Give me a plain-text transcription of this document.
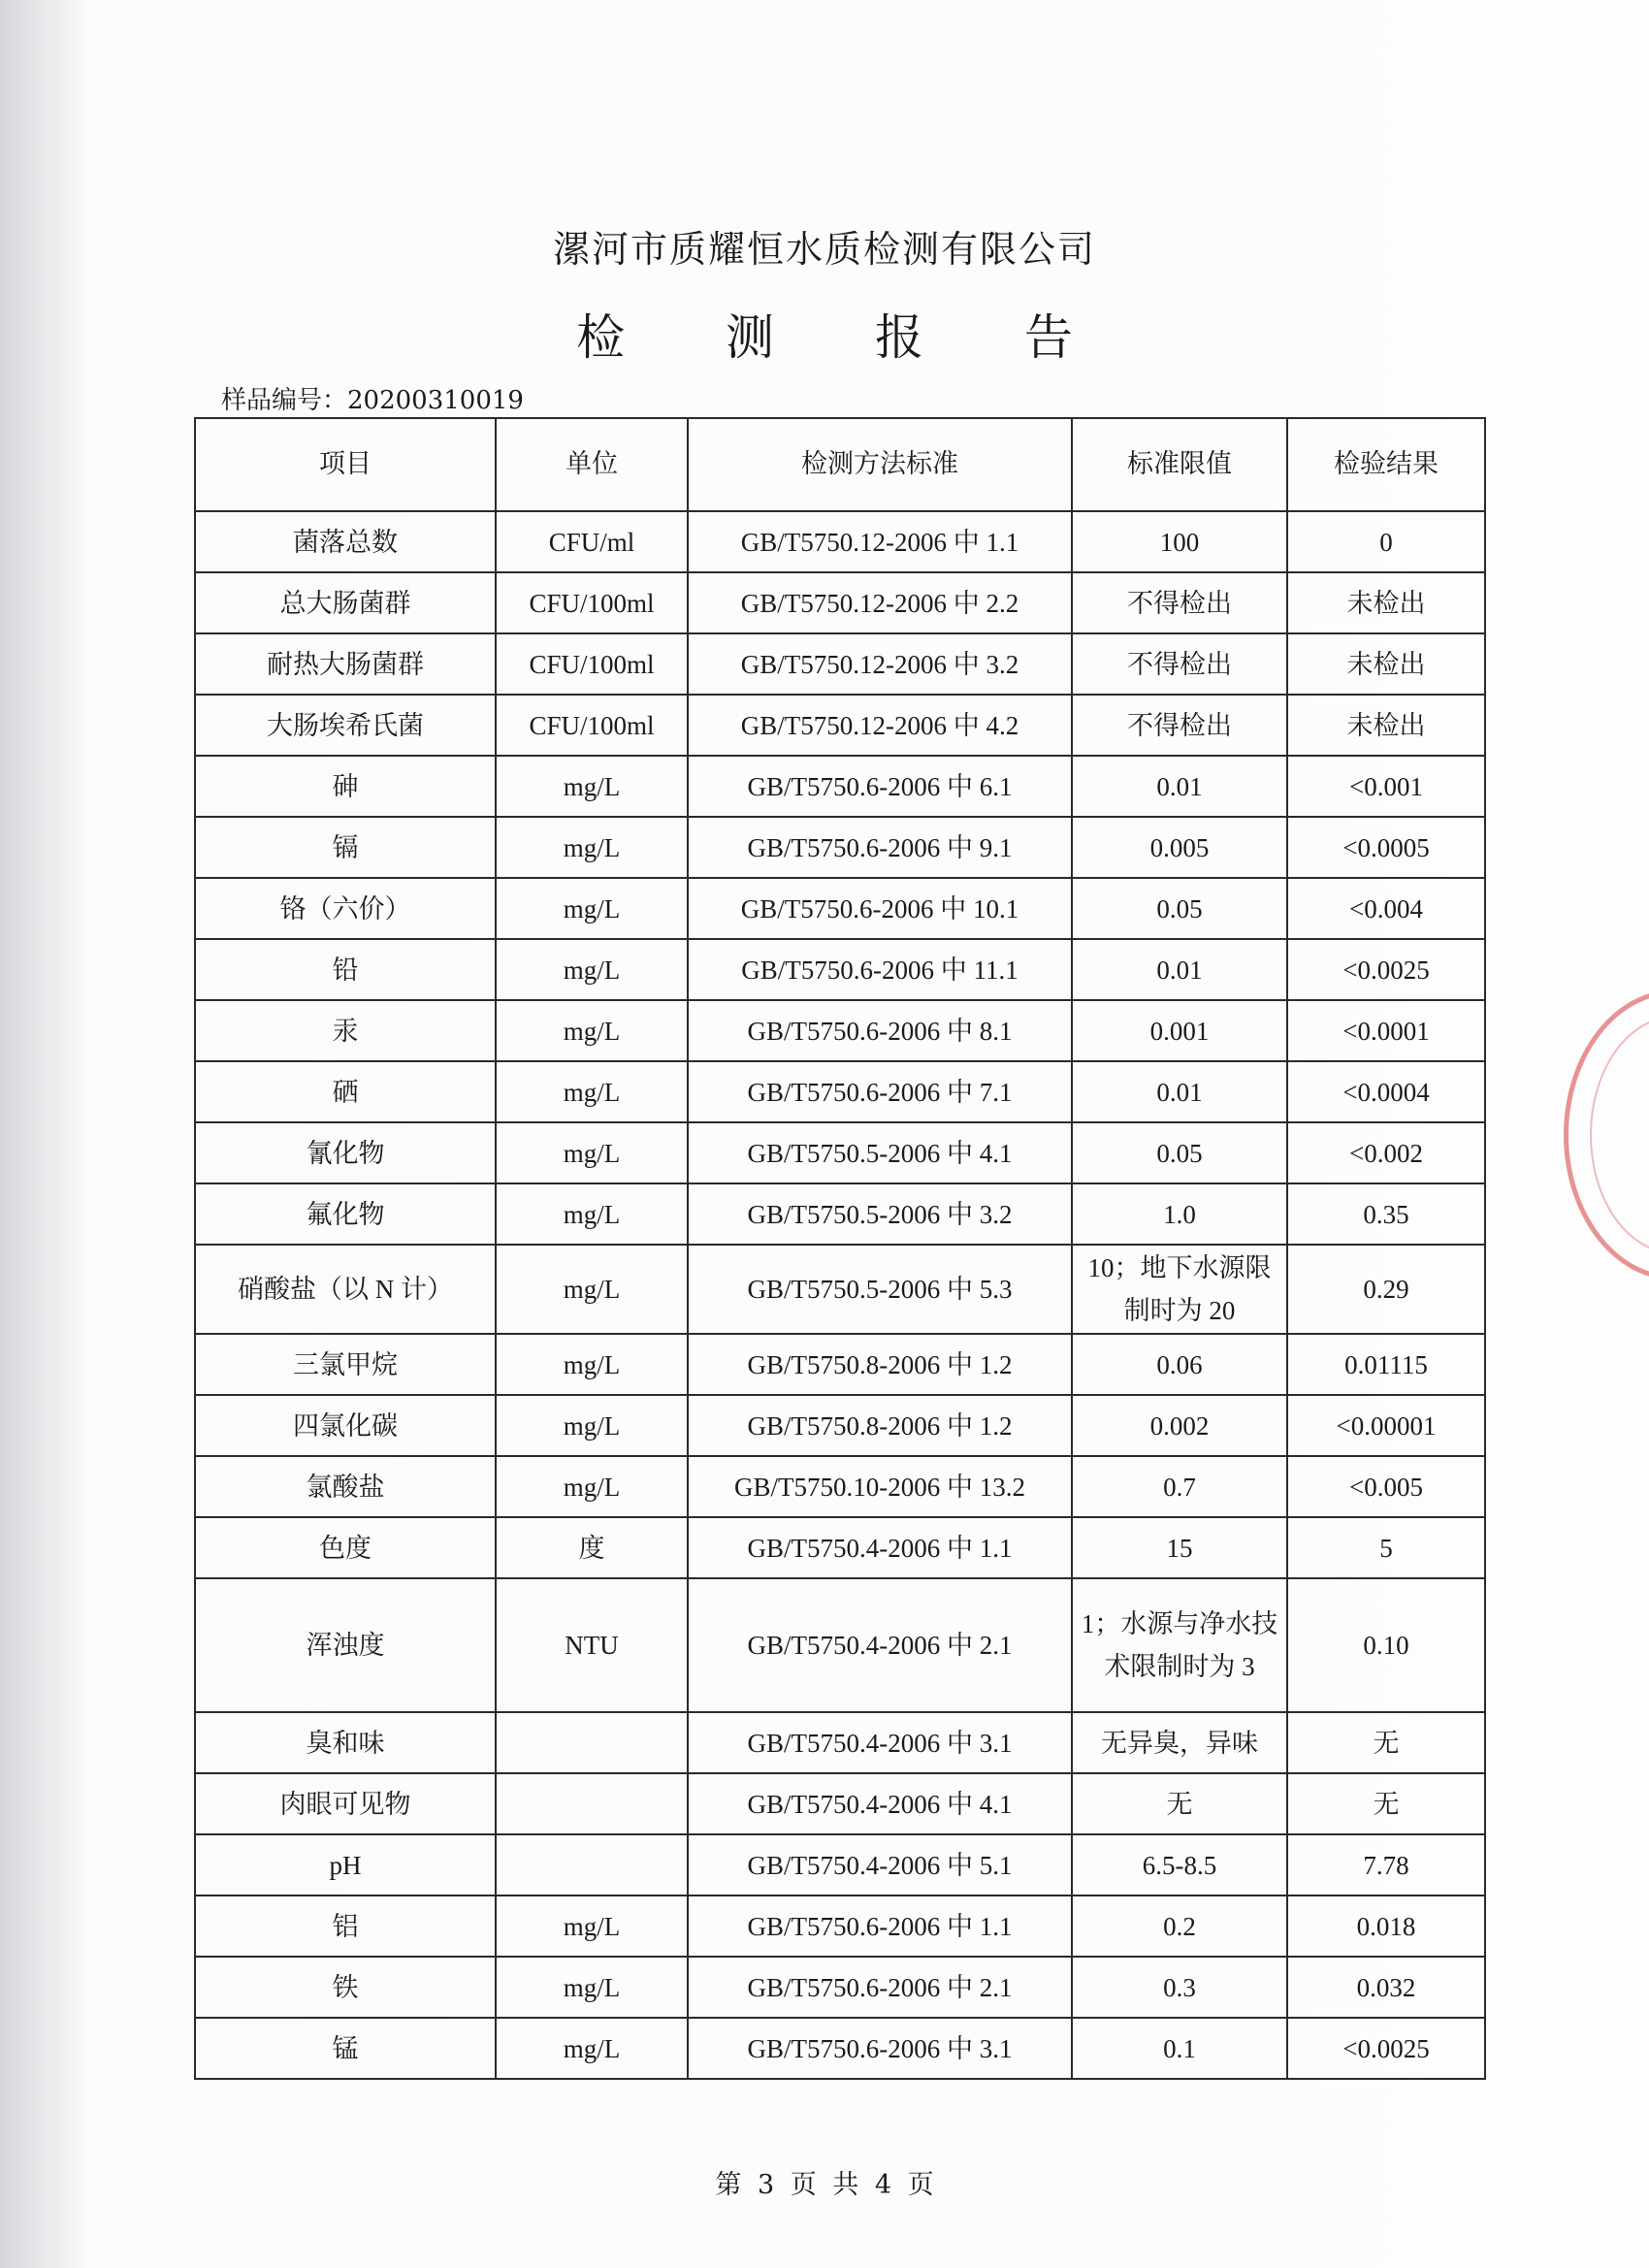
漯河市质耀恒水质检测有限公司
检 测 报 告
样品编号：20200310019
项目	单位	检测方法标准	标准限值	检验结果
菌落总数	CFU/ml	GB/T5750.12-2006 中 1.1	100	0
总大肠菌群	CFU/100ml	GB/T5750.12-2006 中 2.2	不得检出	未检出
耐热大肠菌群	CFU/100ml	GB/T5750.12-2006 中 3.2	不得检出	未检出
大肠埃希氏菌	CFU/100ml	GB/T5750.12-2006 中 4.2	不得检出	未检出
砷	mg/L	GB/T5750.6-2006 中 6.1	0.01	<0.001
镉	mg/L	GB/T5750.6-2006 中 9.1	0.005	<0.0005
铬（六价）	mg/L	GB/T5750.6-2006 中 10.1	0.05	<0.004
铅	mg/L	GB/T5750.6-2006 中 11.1	0.01	<0.0025
汞	mg/L	GB/T5750.6-2006 中 8.1	0.001	<0.0001
硒	mg/L	GB/T5750.6-2006 中 7.1	0.01	<0.0004
氰化物	mg/L	GB/T5750.5-2006 中 4.1	0.05	<0.002
氟化物	mg/L	GB/T5750.5-2006 中 3.2	1.0	0.35
硝酸盐（以 N 计）	mg/L	GB/T5750.5-2006 中 5.3	10；地下水源限制时为 20	0.29
三氯甲烷	mg/L	GB/T5750.8-2006 中 1.2	0.06	0.01115
四氯化碳	mg/L	GB/T5750.8-2006 中 1.2	0.002	<0.00001
氯酸盐	mg/L	GB/T5750.10-2006 中 13.2	0.7	<0.005
色度	度	GB/T5750.4-2006 中 1.1	15	5
浑浊度	NTU	GB/T5750.4-2006 中 2.1	1；水源与净水技术限制时为 3	0.10
臭和味		GB/T5750.4-2006 中 3.1	无异臭，异味	无
肉眼可见物		GB/T5750.4-2006 中 4.1	无	无
pH		GB/T5750.4-2006 中 5.1	6.5-8.5	7.78
铝	mg/L	GB/T5750.6-2006 中 1.1	0.2	0.018
铁	mg/L	GB/T5750.6-2006 中 2.1	0.3	0.032
锰	mg/L	GB/T5750.6-2006 中 3.1	0.1	<0.0025
第 3 页 共 4 页
